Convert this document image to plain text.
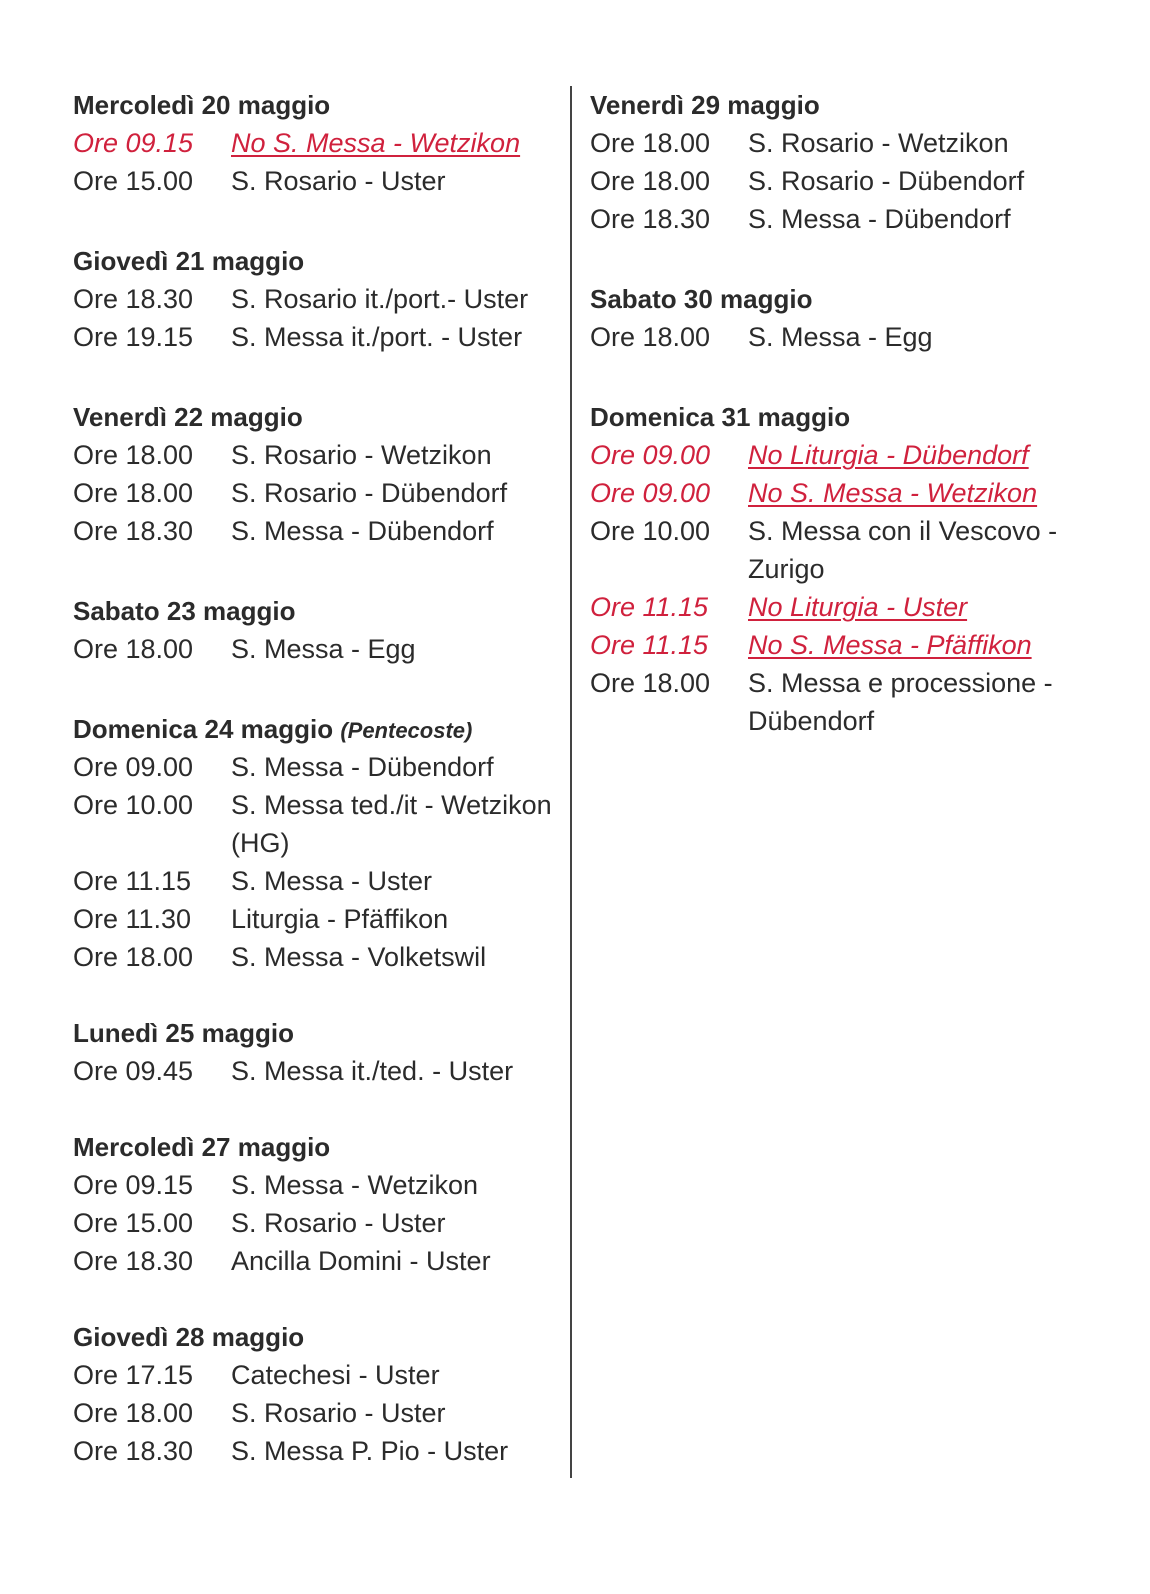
Mercoledì 20 maggio
Ore 09.15	No S. Messa - Wetzikon
Ore 15.00	S. Rosario - Uster
Giovedì 21 maggio
Ore 18.30	S. Rosario it./port.- Uster
Ore 19.15	S. Messa it./port. - Uster
Venerdì 22 maggio
Ore 18.00	S. Rosario - Wetzikon
Ore 18.00	S. Rosario - Dübendorf
Ore 18.30	S. Messa - Dübendorf
Sabato 23 maggio
Ore 18.00	S. Messa - Egg
Domenica 24 maggio (Pentecoste)
Ore 09.00	S. Messa - Dübendorf
Ore 10.00	S. Messa ted./it - Wetzikon (HG)
Ore 11.15	S. Messa - Uster
Ore 11.30	Liturgia - Pfäffikon
Ore 18.00	S. Messa - Volketswil
Lunedì 25 maggio
Ore 09.45	S. Messa it./ted. - Uster
Mercoledì 27 maggio
Ore 09.15	S. Messa - Wetzikon
Ore 15.00	S. Rosario - Uster
Ore 18.30	Ancilla Domini - Uster
Giovedì 28 maggio
Ore 17.15	Catechesi - Uster
Ore 18.00	S. Rosario - Uster
Ore 18.30	S. Messa P. Pio - Uster
Venerdì 29 maggio
Ore 18.00	S. Rosario - Wetzikon
Ore 18.00	S. Rosario - Dübendorf
Ore 18.30	S. Messa - Dübendorf
Sabato 30 maggio
Ore 18.00	S. Messa - Egg
Domenica 31 maggio
Ore 09.00	No Liturgia - Dübendorf
Ore 09.00	No S. Messa - Wetzikon
Ore 10.00	S. Messa con il Vescovo - Zurigo
Ore 11.15	No Liturgia - Uster
Ore 11.15	No S. Messa - Pfäffikon
Ore 18.00	S. Messa e processione - Dübendorf
